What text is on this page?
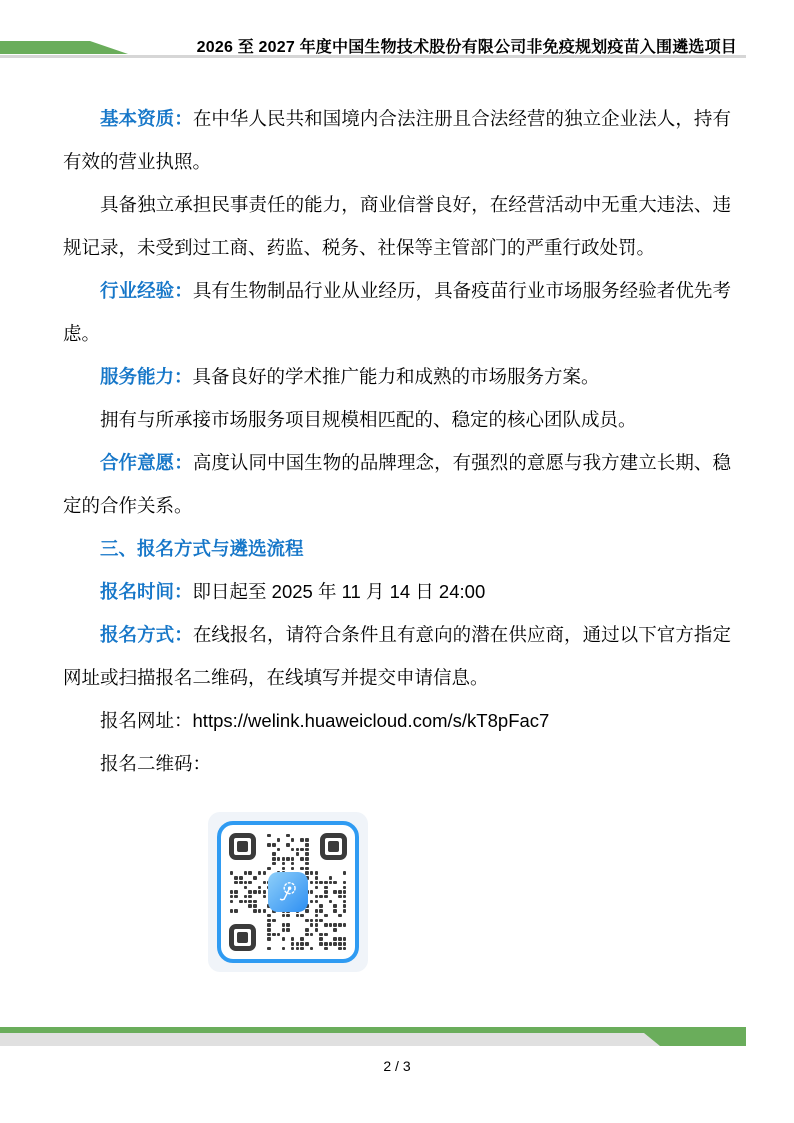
2026 至 2027 年度中国生物技术股份有限公司非免疫规划疫苗入围遴选项目

基本资质：在中华人民共和国境内合法注册且合法经营的独立企业法人，持有有效的营业执照。

具备独立承担民事责任的能力，商业信誉良好，在经营活动中无重大违法、违规记录，未受到过工商、药监、税务、社保等主管部门的严重行政处罚。

行业经验：具有生物制品行业从业经历，具备疫苗行业市场服务经验者优先考虑。

服务能力：具备良好的学术推广能力和成熟的市场服务方案。

拥有与所承接市场服务项目规模相匹配的、稳定的核心团队成员。

合作意愿：高度认同中国生物的品牌理念，有强烈的意愿与我方建立长期、稳定的合作关系。

三、报名方式与遴选流程

报名时间：即日起至 2025 年 11 月 14 日 24:00

报名方式：在线报名，请符合条件且有意向的潜在供应商，通过以下官方指定网址或扫描报名二维码，在线填写并提交申请信息。

报名网址：https://welink.huaweicloud.com/s/kT8pFac7

报名二维码：

2 / 3
